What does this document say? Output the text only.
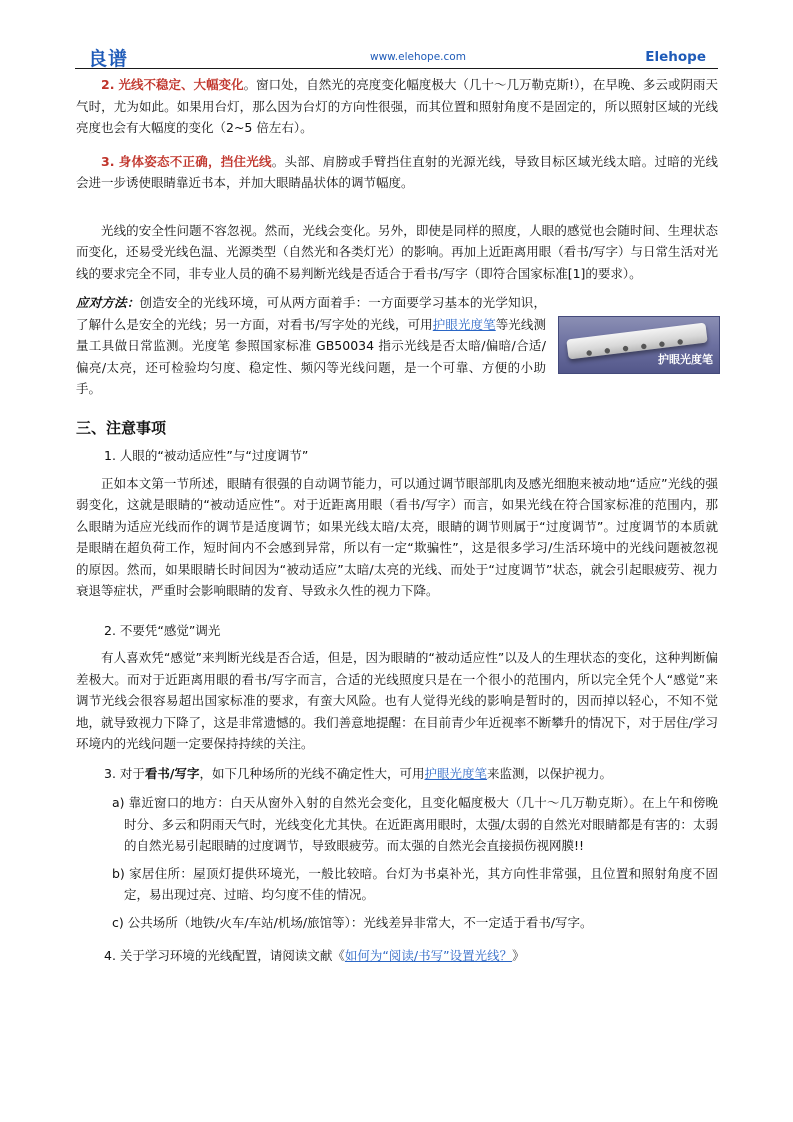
良谱	www.elehope.com	Elehope

2. 光线不稳定、大幅变化。窗口处，自然光的亮度变化幅度极大（几十～几万勒克斯!），在早晚、多云或阴雨天气时，尤为如此。如果用台灯，那么因为台灯的方向性很强，而其位置和照射角度不是固定的，所以照射区域的光线亮度也会有大幅度的变化（2~5 倍左右）。

3. 身体姿态不正确，挡住光线。头部、肩膀或手臂挡住直射的光源光线，导致目标区域光线太暗。过暗的光线会进一步诱使眼睛靠近书本，并加大眼睛晶状体的调节幅度。

光线的安全性问题不容忽视。然而，光线会变化。另外，即使是同样的照度，人眼的感觉也会随时间、生理状态而变化，还易受光线色温、光源类型（自然光和各类灯光）的影响。再加上近距离用眼（看书/写字）与日常生活对光线的要求完全不同，非专业人员的确不易判断光线是否适合于看书/写字（即符合国家标准[1]的要求）。

应对方法：创造安全的光线环境，可从两方面着手：一方面要学习基本的光学知识，了解什么是安全的光线；另一方面，对看书/写字处的光线，可用护眼光度笔等光线测量工具做日常监测。光度笔 参照国家标准 GB50034 指示光线是否太暗/偏暗/合适/偏亮/太亮，还可检验均匀度、稳定性、频闪等光线问题，是一个可靠、方便的小助手。

● ● ● ● ● ●
护眼光度笔

三、注意事项

1. 人眼的“被动适应性”与“过度调节”

正如本文第一节所述，眼睛有很强的自动调节能力，可以通过调节眼部肌肉及感光细胞来被动地“适应”光线的强弱变化，这就是眼睛的“被动适应性”。对于近距离用眼（看书/写字）而言，如果光线在符合国家标准的范围内，那么眼睛为适应光线而作的调节是适度调节；如果光线太暗/太亮，眼睛的调节则属于“过度调节”。过度调节的本质就是眼睛在超负荷工作，短时间内不会感到异常，所以有一定“欺骗性”，这是很多学习/生活环境中的光线问题被忽视的原因。然而，如果眼睛长时间因为“被动适应”太暗/太亮的光线、而处于“过度调节”状态，就会引起眼疲劳、视力衰退等症状，严重时会影响眼睛的发育、导致永久性的视力下降。

2. 不要凭“感觉”调光

有人喜欢凭“感觉”来判断光线是否合适，但是，因为眼睛的“被动适应性”以及人的生理状态的变化，这种判断偏差极大。而对于近距离用眼的看书/写字而言，合适的光线照度只是在一个很小的范围内，所以完全凭个人“感觉”来调节光线会很容易超出国家标准的要求，有蛮大风险。也有人觉得光线的影响是暂时的，因而掉以轻心，不知不觉地，就导致视力下降了，这是非常遗憾的。我们善意地提醒：在目前青少年近视率不断攀升的情况下，对于居住/学习环境内的光线问题一定要保持持续的关注。

3. 对于看书/写字，如下几种场所的光线不确定性大，可用护眼光度笔来监测，以保护视力。

a) 靠近窗口的地方：白天从窗外入射的自然光会变化，且变化幅度极大（几十～几万勒克斯）。在上午和傍晚时分、多云和阴雨天气时，光线变化尤其快。在近距离用眼时，太强/太弱的自然光对眼睛都是有害的：太弱的自然光易引起眼睛的过度调节，导致眼疲劳。而太强的自然光会直接损伤视网膜!!

b) 家居住所：屋顶灯提供环境光，一般比较暗。台灯为书桌补光，其方向性非常强，且位置和照射角度不固定，易出现过亮、过暗、均匀度不佳的情况。

c) 公共场所（地铁/火车/车站/机场/旅馆等）：光线差异非常大，不一定适于看书/写字。

4. 关于学习环境的光线配置，请阅读文献《如何为“阅读/书写”设置光线？》
